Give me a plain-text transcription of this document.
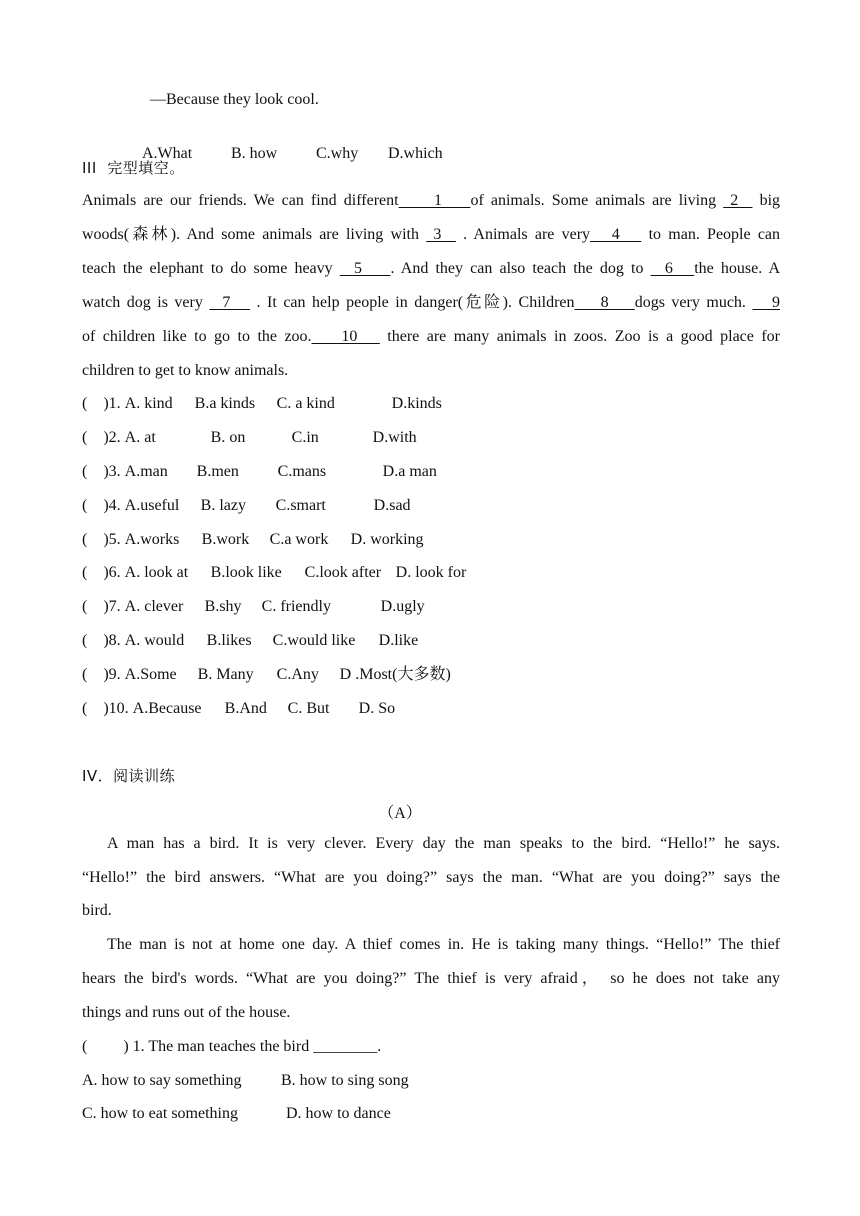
—Because they look cool.

A.What B. how C.why D.which

III  完型填空。
Animals are our friends. We can find different     1    of animals. Some animals are living  2   big
woods(森林). And some animals are living with  3   . Animals are very   4    to man. People can
teach the elephant to do some heavy   5    . And they can also teach the dog to   6   the house. A
watch dog is very   7    . It can help people in danger(危险). Children    8    dogs very much.    9
of children like to go to the zoo.    10    there are many animals in zoos. Zoo is a good place for
children to get to know animals.
(    )1. A. kind B.a kinds C. a kind	D.kinds
(    )2. A. at	B. on	C.in	D.with
(    )3. A.man B.men C.mans	D.a man
(    )4. A.useful B. lazy C.smart	D.sad
(    )5. A.works B.work C.a work D. working
(    )6. A. look at B.look like C.look after D. look for
(    )7. A. clever B.shy C. friendly	D.ugly
(    )8. A. would B.likes C.would like D.like
(    )9. A.Some B. Many C.Any D .Most(大多数)
(    )10. A.Because B.And C. But D. So
IV．阅读训练
（A）
A man has a bird. It is very clever. Every day the man speaks to the bird. “Hello!” he says.
“Hello!” the bird answers. “What are you doing?” says the man. “What are you doing?” says the
bird.
The man is not at home one day. A thief comes in. He is taking many things. “Hello!” The thief
hears the bird's words. “What are you doing?” The thief is very afraid， so he does not take any
things and runs out of the house.
(         ) 1. The man teaches the bird ________.
A. how to say something B. how to sing song
C. how to eat something	D. how to dance
